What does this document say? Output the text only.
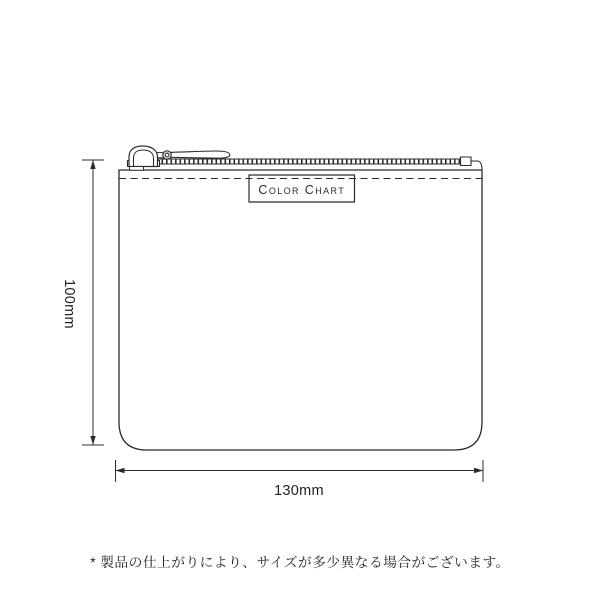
Color Chart
100mm
130mm
* 製品の仕上がりにより、サイズが多少異なる場合がございます。
